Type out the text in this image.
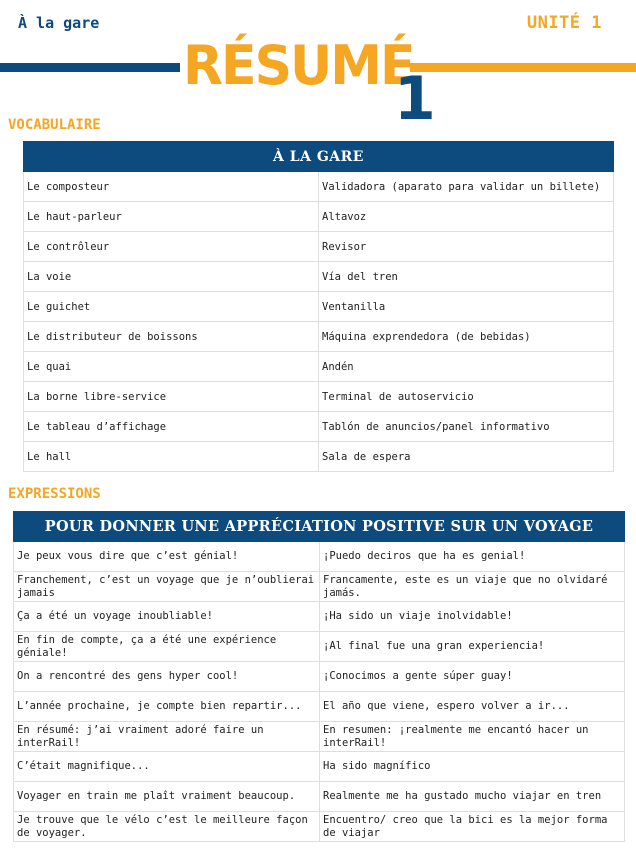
À la gare	UNITÉ 1
RÉSUMÉ
1
VOCABULAIRE
À LA GARE	
Le composteur	Validadora (aparato para validar un billete)
Le haut-parleur	Altavoz
Le contrôleur	Revisor
La voie	Vía del tren
Le guichet	Ventanilla
Le distributeur de boissons	Máquina exprendedora (de bebidas)
Le quai	Andén
La borne libre-service	Terminal de autoservicio
Le tableau d’affichage	Tablón de anuncios/panel informativo
Le hall	Sala de espera
EXPRESSIONS
POUR DONNER UNE APPRÉCIATION POSITIVE SUR UN VOYAGE	
Je peux vous dire que c’est génial!	¡Puedo deciros que ha es genial!
Franchement, c’est un voyage que je n’oublierai jamais	Francamente, este es un viaje que no olvidaré jamás.
Ça a été un voyage inoubliable!	¡Ha sido un viaje inolvidable!
En fin de compte, ça a été une expérience géniale!	¡Al final fue una gran experiencia!
On a rencontré des gens hyper cool!	¡Conocimos a gente súper guay!
L’année prochaine, je compte bien repartir...	El año que viene, espero volver a ir...
En résumé: j’ai vraiment adoré faire un interRail!	En resumen: ¡realmente me encantó hacer un interRail!
C’était magnifique...	Ha sido magnífico
Voyager en train me plaît vraiment beaucoup.	Realmente me ha gustado mucho viajar en tren
Je trouve que le vélo c’est le meilleure façon de voyager.	Encuentro/ creo que la bici es la mejor forma de viajar
